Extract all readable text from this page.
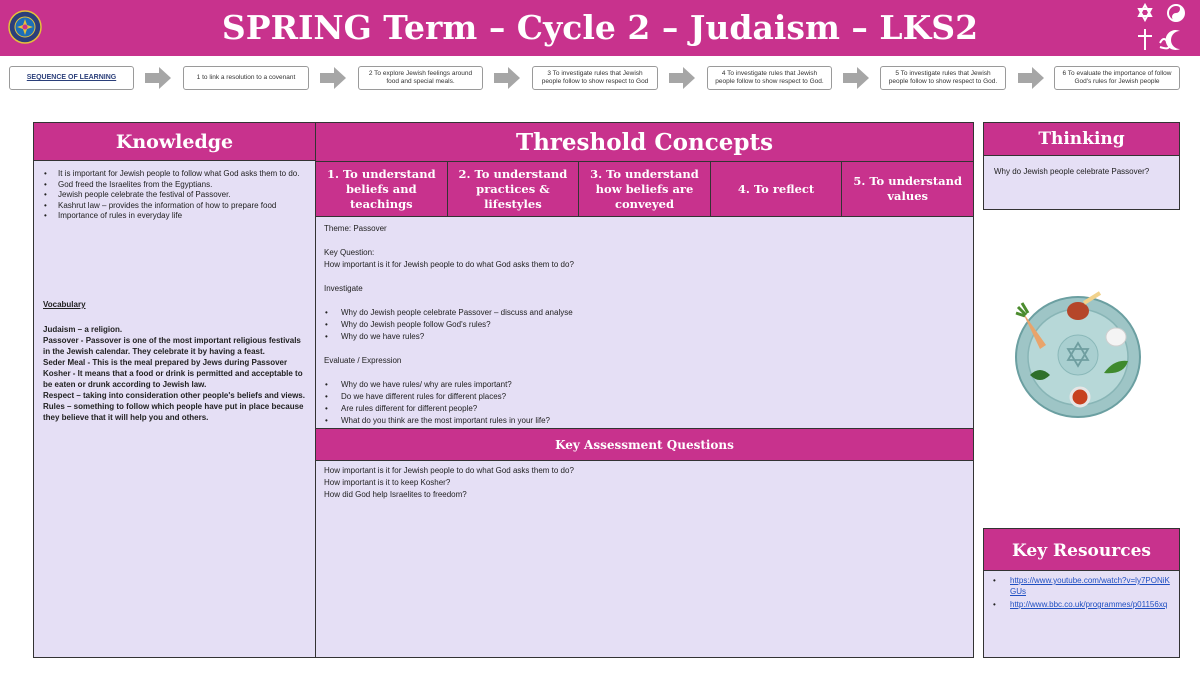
SPRING Term – Cycle 2 – Judaism – LKS2
SEQUENCE OF LEARNING	1 to link a resolution to a covenant
2 To explore Jewish feelings around food and special meals.
3 To investigate rules that Jewish people follow to show respect to God
4 To investigate rules that Jewish people follow to show respect to God.
5 To investigate rules that Jewish people follow to show respect to God.
6 To evaluate the importance of follow God's rules for Jewish people
Knowledge
• It is important for Jewish people to follow what God asks them to do.
• God freed the Israelites from the Egyptians.
• Jewish people celebrate the festival of Passover.
• Kashrut law – provides the information of how to prepare food
• Importance of rules in everyday life
Vocabulary

Judaism – a religion.

Passover - Passover is one of the most important religious festivals in the Jewish calendar. They celebrate it by having a feast.

Seder Meal - This is the meal prepared by Jews during Passover

Kosher - It means that a food or drink is permitted and acceptable to be eaten or drunk according to Jewish law.

Respect – taking into consideration other people's beliefs and views.

Rules – something to follow which people have put in place because they believe that it will help you and others.

Threshold Concepts
1. To understand beliefs and teachings
2. To understand practices & lifestyles
3. To understand how beliefs are conveyed
4. To reflect
5. To understand values
Theme: Passover
Key Question:
How important is it for Jewish people to do what God asks them to do?
Investigate
• Why do Jewish people celebrate Passover – discuss and analyse
• Why do Jewish people follow God's rules?
• Why do we have rules?
Evaluate / Expression
• Why do we have rules/ why are rules important?
• Do we have different rules for different places?
• Are rules different for different people?
• What do you think are the most important rules in your life?
Key Assessment Questions
How important is it for Jewish people to do what God asks them to do?
How important is it to keep Kosher?
How did God help Israelites to freedom?
Thinking
Why do Jewish people celebrate Passover?
Key Resources
• https://www.youtube.com/watch?v=ly7PONiKGUs
• http://www.bbc.co.uk/programmes/p01156xq
